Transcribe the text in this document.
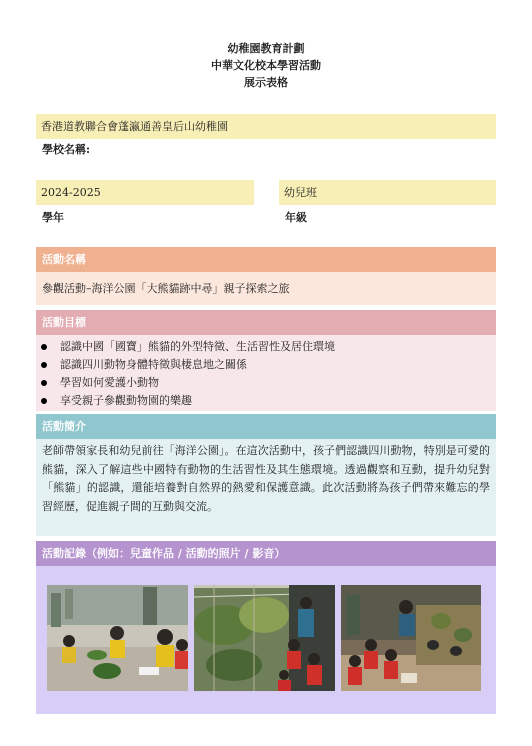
幼稚園教育計劃
中華文化校本學習活動
展示表格
香港道教聯合會蓬瀛通善皇后山幼稚園
學校名稱:
2024-2025
學年
幼兒班
年級
活動名稱
參觀活動–海洋公園「大熊貓跡中尋」親子探索之旅
活動目標
認識中國「國寶」熊貓的外型特徵、生活習性及居住環境
認識四川動物身體特徵與棲息地之關係
學習如何愛護小動物
享受親子參觀動物園的樂趣
活動簡介
老師帶領家長和幼兒前往「海洋公園」。在這次活動中，孩子們認識四川動物，特別是可愛的熊貓，深入了解這些中國特有動物的生活習性及其生態環境。透過觀察和互動，提升幼兒對「熊貓」的認識，還能培養對自然界的熱愛和保護意識。此次活動將為孩子們帶來難忘的學習經歷，促進親子間的互動與交流。
活動記錄（例如：兒童作品 / 活動的照片 / 影音）
